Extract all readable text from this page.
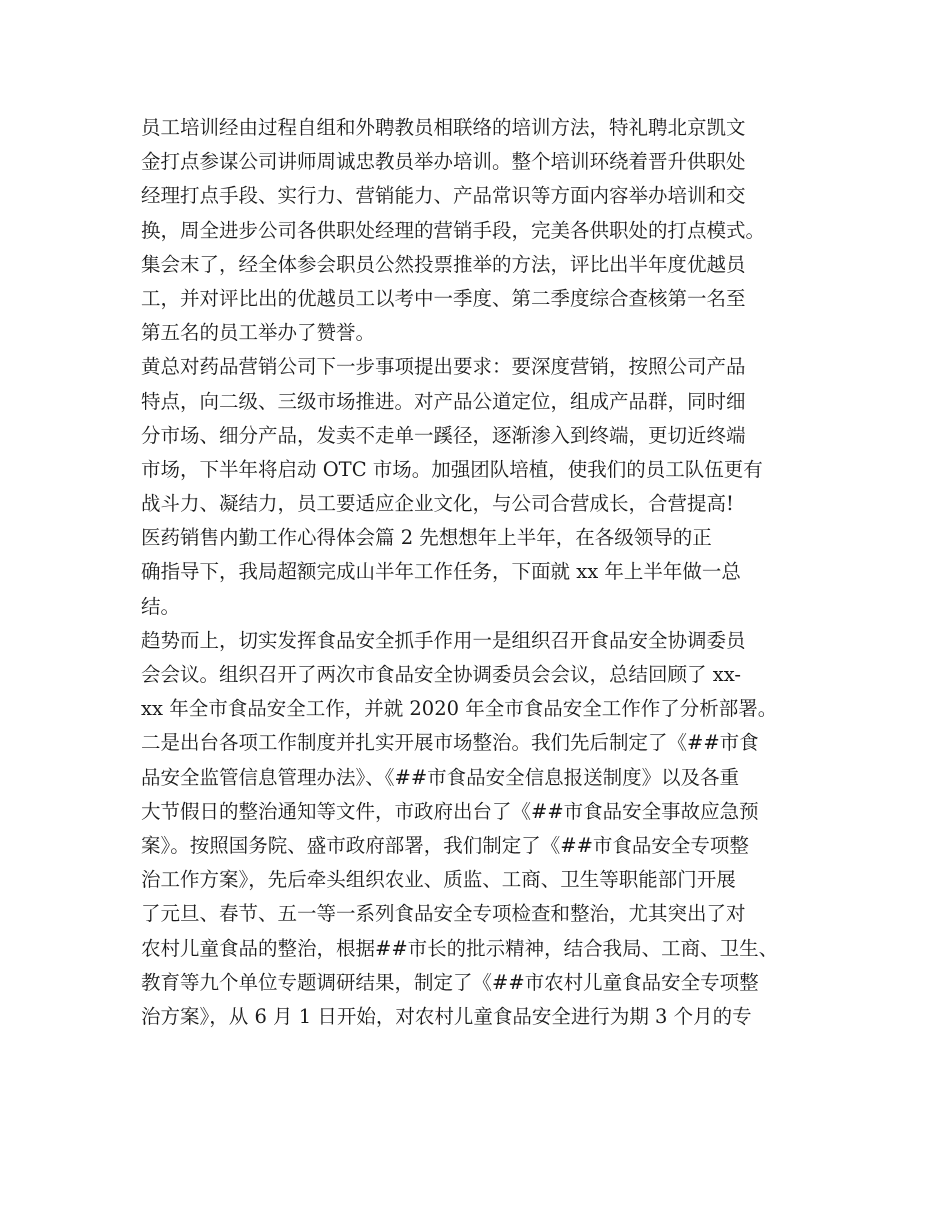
员工培训经由过程自组和外聘教员相联络的培训方法，特礼聘北京凯文
金打点参谋公司讲师周诚忠教员举办培训。整个培训环绕着晋升供职处
经理打点手段、实行力、营销能力、产品常识等方面内容举办培训和交
换，周全进步公司各供职处经理的营销手段，完美各供职处的打点模式。
集会末了，经全体参会职员公然投票推举的方法，评比出半年度优越员
工，并对评比出的优越员工以考中一季度、第二季度综合查核第一名至
第五名的员工举办了赞誉。
黄总对药品营销公司下一步事项提出要求：要深度营销，按照公司产品
特点，向二级、三级市场推进。对产品公道定位，组成产品群，同时细
分市场、细分产品，发卖不走单一蹊径，逐渐渗入到终端，更切近终端
市场，下半年将启动 OTC 市场。加强团队培植，使我们的员工队伍更有
战斗力、凝结力，员工要适应企业文化，与公司合营成长，合营提高!
医药销售内勤工作心得体会篇 2 先想想年上半年，在各级领导的正
确指导下，我局超额完成山半年工作任务，下面就 xx 年上半年做一总
结。
趋势而上，切实发挥食品安全抓手作用一是组织召开食品安全协调委员
会会议。组织召开了两次市食品安全协调委员会会议，总结回顾了 xx-
xx 年全市食品安全工作，并就 2020 年全市食品安全工作作了分析部署。
二是出台各项工作制度并扎实开展市场整治。我们先后制定了《##市食
品安全监管信息管理办法》、《##市食品安全信息报送制度》以及各重
大节假日的整治通知等文件，市政府出台了《##市食品安全事故应急预
案》。按照国务院、盛市政府部署，我们制定了《##市食品安全专项整
治工作方案》，先后牵头组织农业、质监、工商、卫生等职能部门开展
了元旦、春节、五一等一系列食品安全专项检查和整治，尤其突出了对
农村儿童食品的整治，根据##市长的批示精神，结合我局、工商、卫生、
教育等九个单位专题调研结果，制定了《##市农村儿童食品安全专项整
治方案》，从 6 月 1 日开始，对农村儿童食品安全进行为期 3 个月的专
